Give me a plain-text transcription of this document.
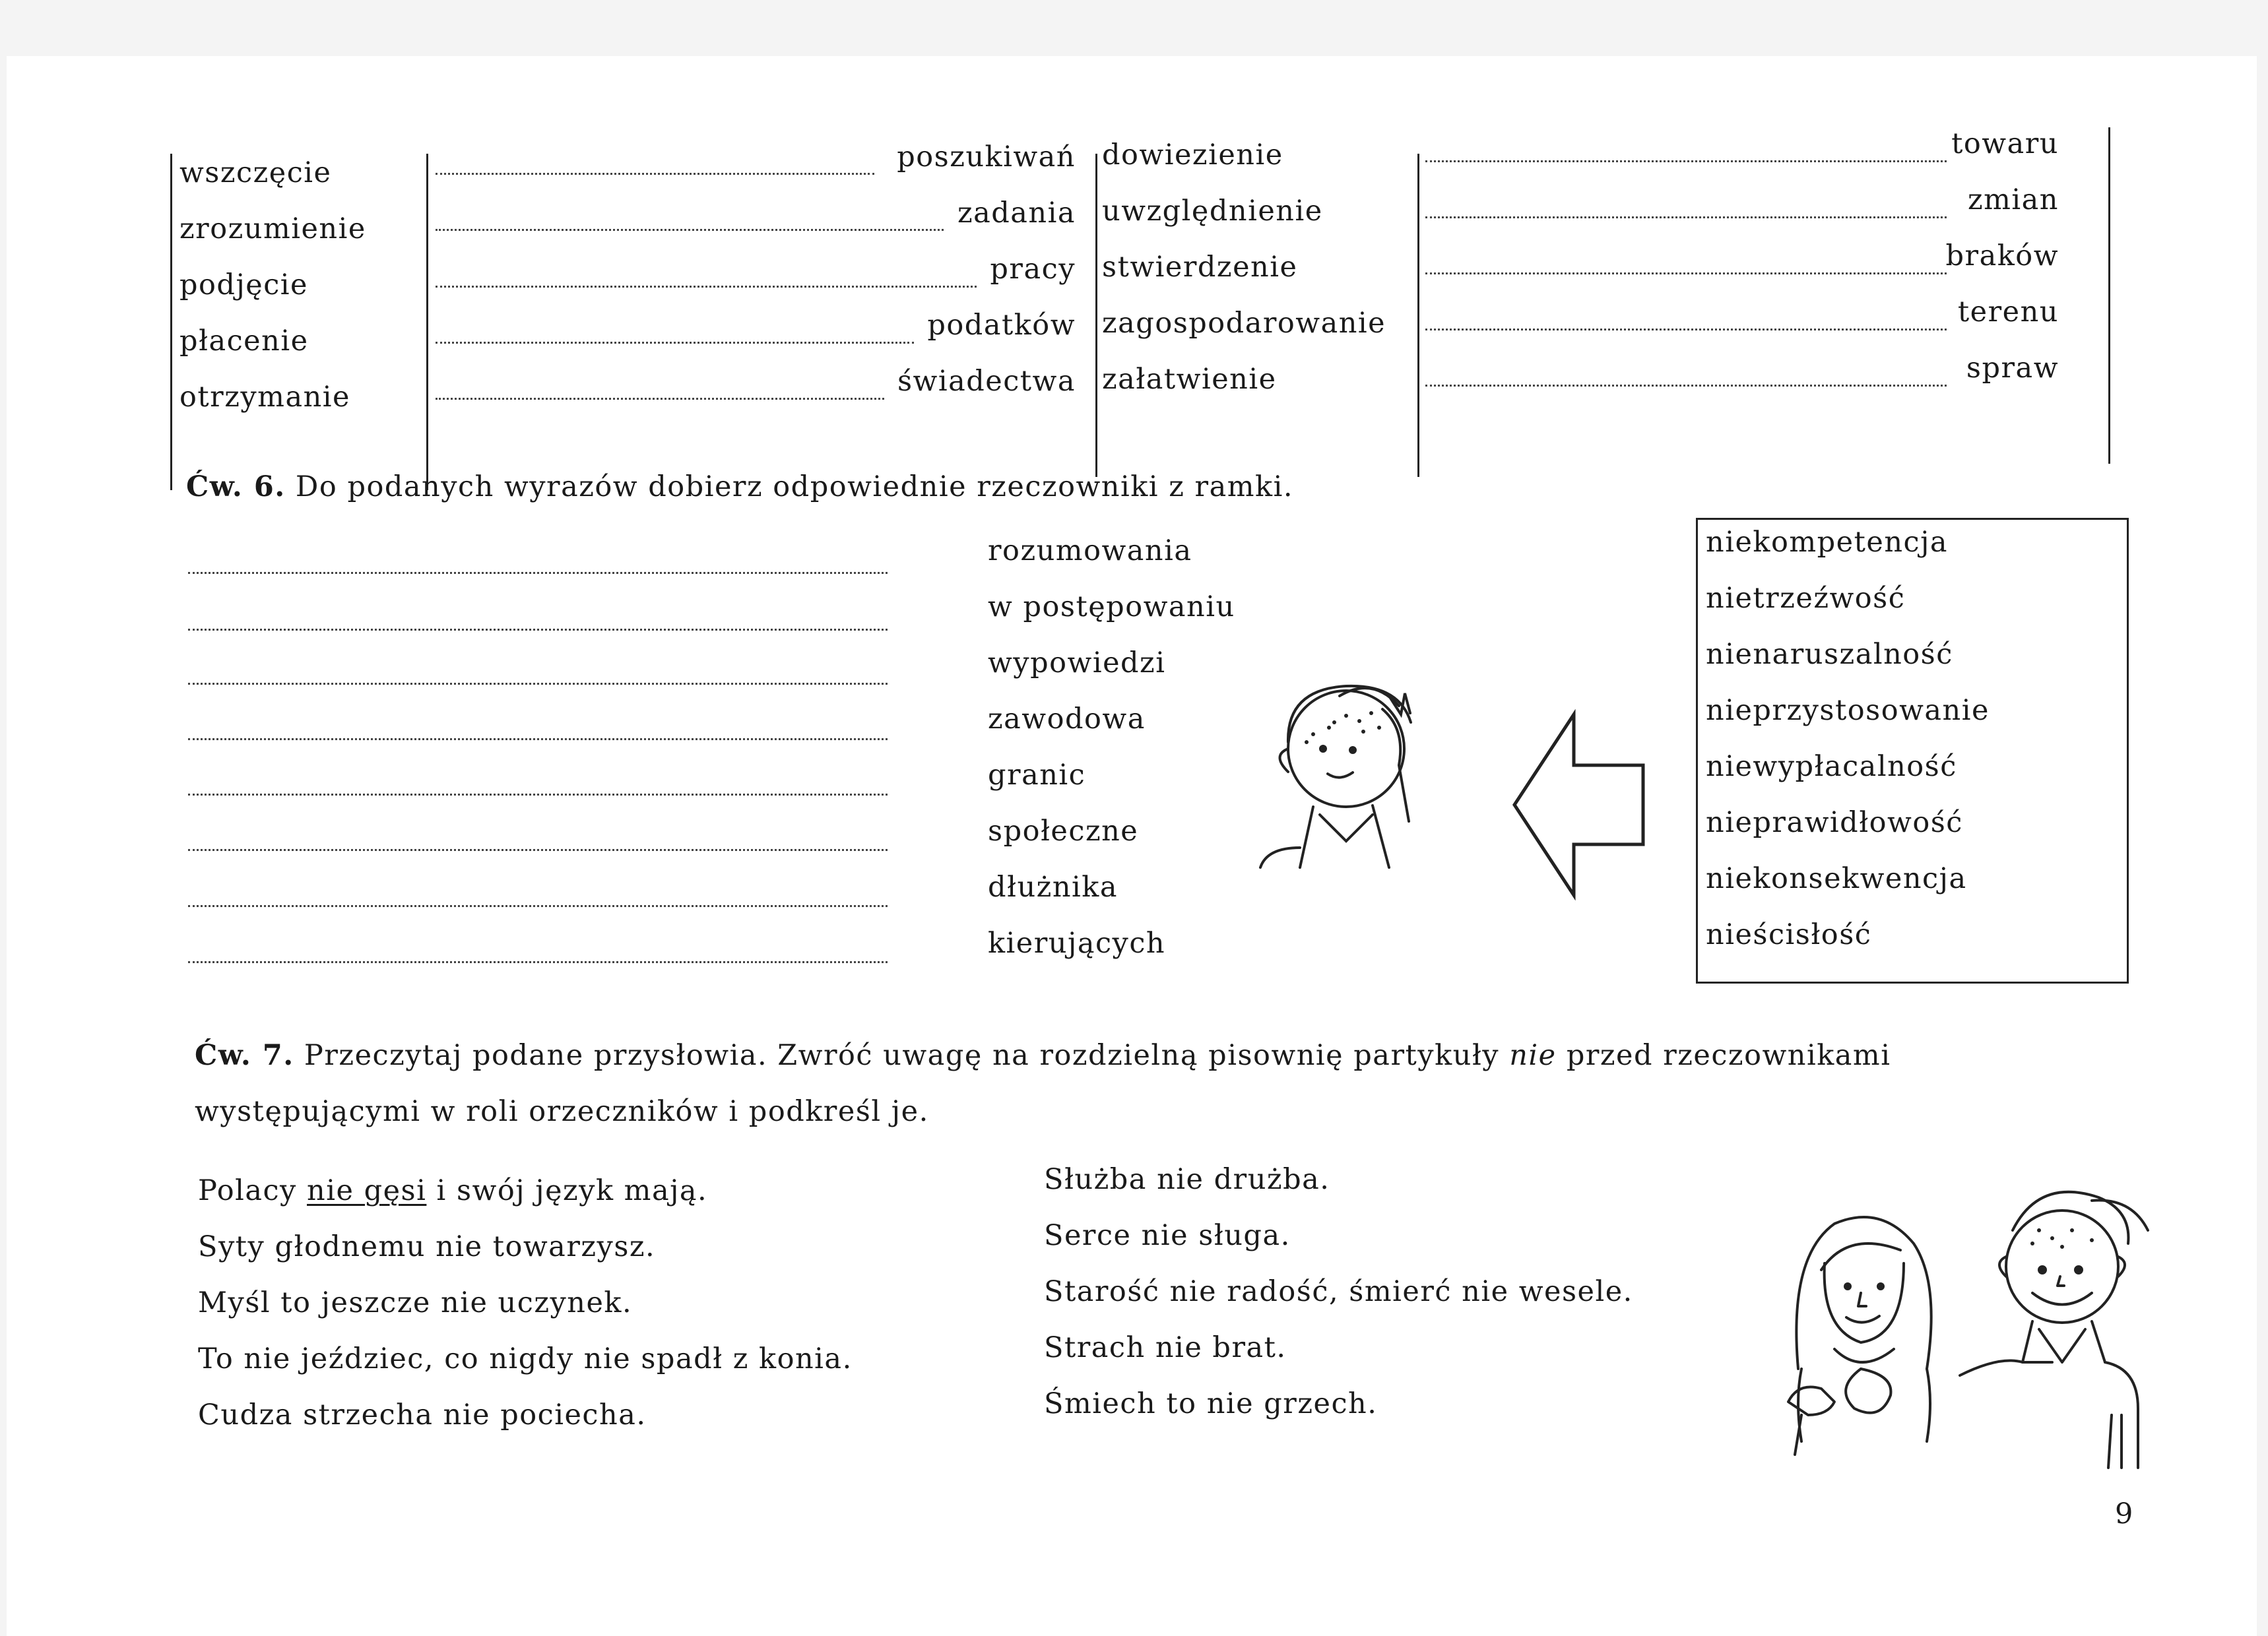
wszczęcie
zrozumienie
podjęcie
płacenie
otrzymanie
poszukiwań
zadania
pracy
podatków
świadectwa
dowiezienie
uwzględnienie
stwierdzenie
zagospodarowanie
załatwienie
towaru
zmian
braków
terenu
spraw
Ćw. 6. Do podanych wyrazów dobierz odpowiednie rzeczowniki z ramki.
rozumowania
w postępowaniu
wypowiedzi
zawodowa
granic
społeczne
dłużnika
kierujących
niekompetencja
nietrzeźwość
nienaruszalność
nieprzystosowanie
niewypłacalność
nieprawidłowość
niekonsekwencja
nieścisłość
Ćw. 7. Przeczytaj podane przysłowia. Zwróć uwagę na rozdzielną pisownię partykuły nie przed rzeczownikami
występującymi w roli orzeczników i podkreśl je.
Polacy nie gęsi i swój język mają.
Syty głodnemu nie towarzysz.
Myśl to jeszcze nie uczynek.
To nie jeździec, co nigdy nie spadł z konia.
Cudza strzecha nie pociecha.
Służba nie drużba.
Serce nie sługa.
Starość nie radość, śmierć nie wesele.
Strach nie brat.
Śmiech to nie grzech.
9
